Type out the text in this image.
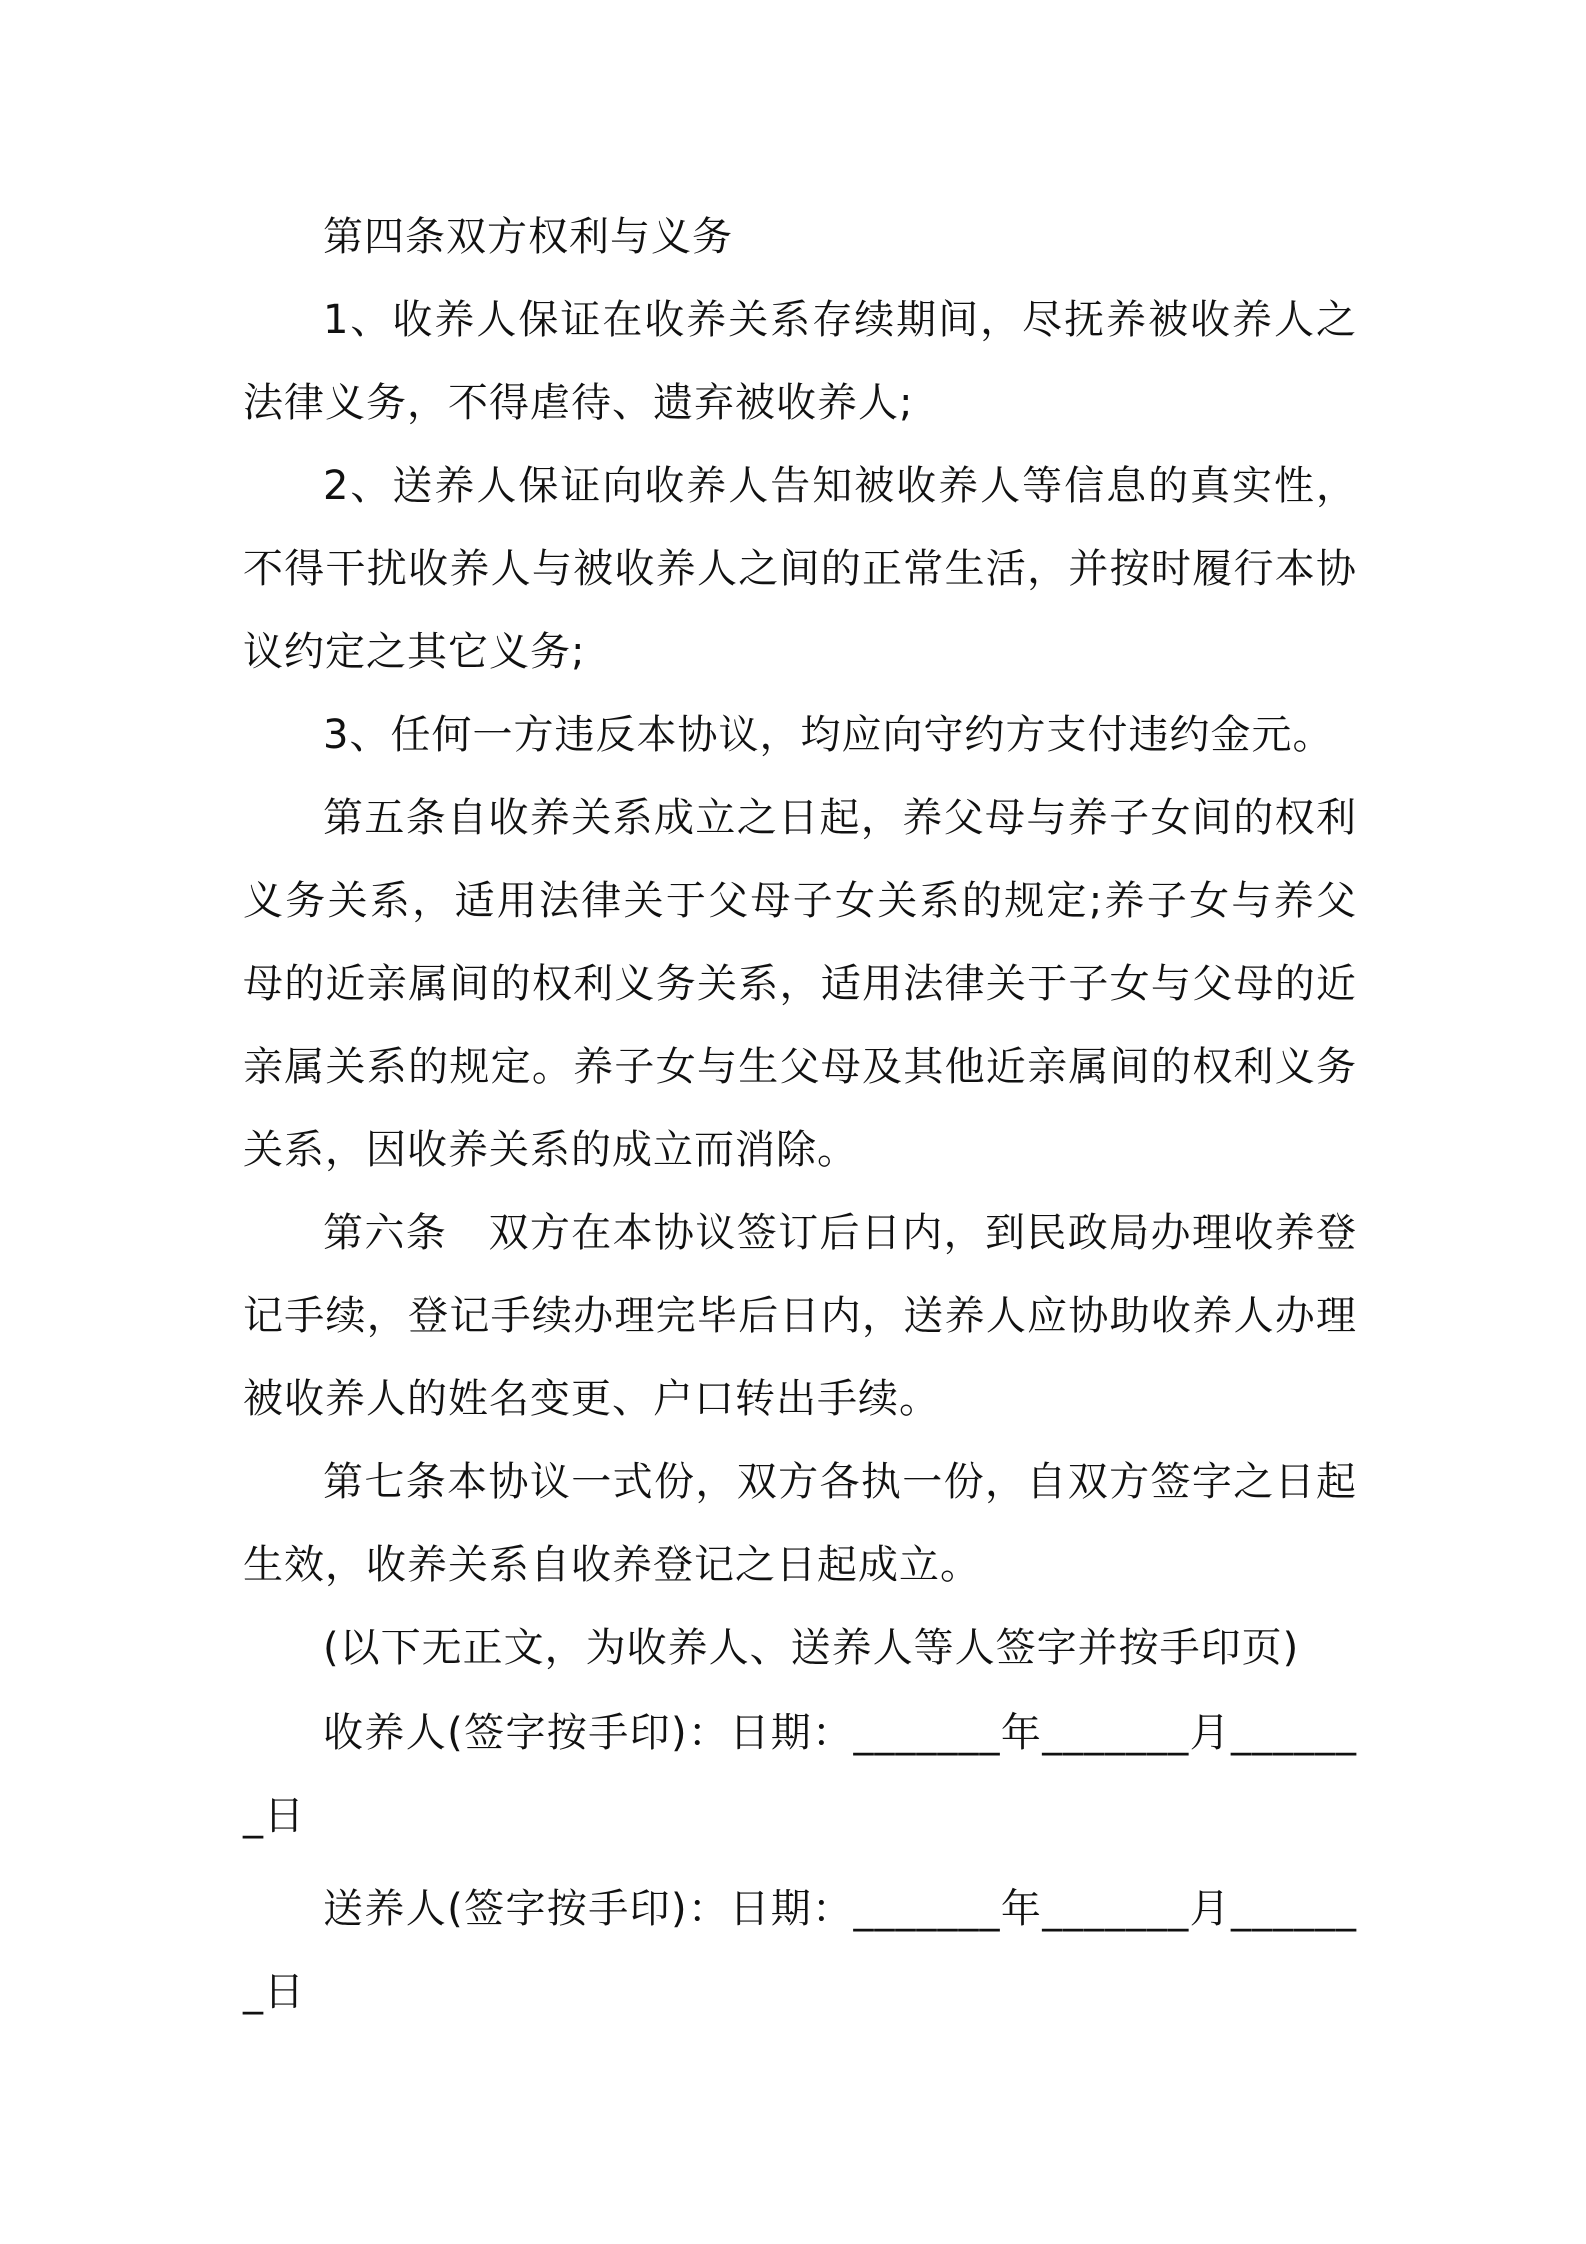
第四条双方权利与义务

1、收养人保证在收养关系存续期间，尽抚养被收养人之法律义务，不得虐待、遗弃被收养人;

2、送养人保证向收养人告知被收养人等信息的真实性，不得干扰收养人与被收养人之间的正常生活，并按时履行本协议约定之其它义务;

3、任何一方违反本协议，均应向守约方支付违约金元。

第五条自收养关系成立之日起，养父母与养子女间的权利义务关系，适用法律关于父母子女关系的规定;养子女与养父母的近亲属间的权利义务关系，适用法律关于子女与父母的近亲属关系的规定。养子女与生父母及其他近亲属间的权利义务关系，因收养关系的成立而消除。

第六条　双方在本协议签订后日内，到民政局办理收养登记手续，登记手续办理完毕后日内，送养人应协助收养人办理被收养人的姓名变更、户口转出手续。

第七条本协议一式份，双方各执一份，自双方签字之日起生效，收养关系自收养登记之日起成立。

(以下无正文，为收养人、送养人等人签字并按手印页)

收养人(签字按手印)：日期：_______年_______月_______日

送养人(签字按手印)：日期：_______年_______月_______日
